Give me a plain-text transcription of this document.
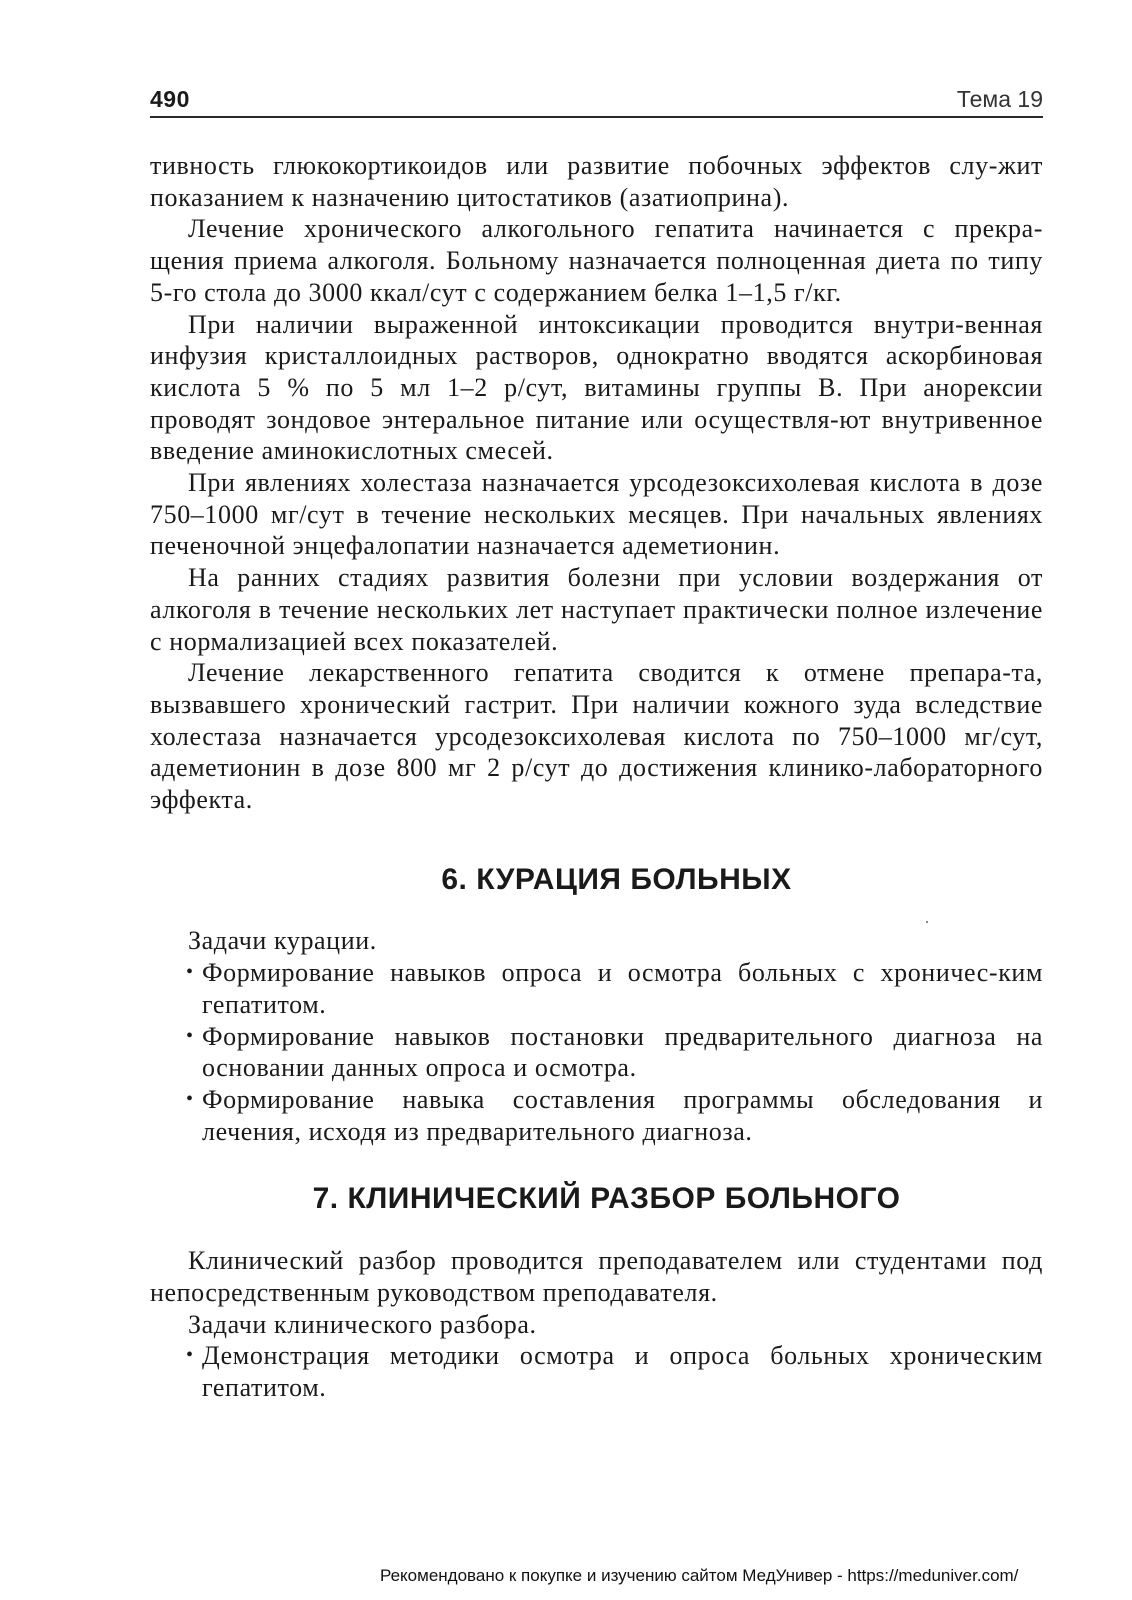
490	Тема 19

тивность глюкокортикоидов или развитие побочных эффектов слу-жит показанием к назначению цитостатиков (азатиоприна).

Лечение хронического алкогольного гепатита начинается с прекра-щения приема алкоголя. Больному назначается полноценная диета по типу 5-го стола до 3000 ккал/сут с содержанием белка 1–1,5 г/кг.

При наличии выраженной интоксикации проводится внутри-венная инфузия кристаллоидных растворов, однократно вводятся аскорбиновая кислота 5 % по 5 мл 1–2 р/сут, витамины группы В. При анорексии проводят зондовое энтеральное питание или осуществля-ют внутривенное введение аминокислотных смесей.

При явлениях холестаза назначается урсодезоксихолевая кислота в дозе 750–1000 мг/сут в течение нескольких месяцев. При начальных явлениях печеночной энцефалопатии назначается адеметионин.

На ранних стадиях развития болезни при условии воздержания от алкоголя в течение нескольких лет наступает практически полное излечение с нормализацией всех показателей.

Лечение лекарственного гепатита сводится к отмене препара-та, вызвавшего хронический гастрит. При наличии кожного зуда вследствие холестаза назначается урсодезоксихолевая кислота по 750–1000 мг/сут, адеметионин в дозе 800 мг 2 р/сут до достижения клинико-лабораторного эффекта.

6. КУРАЦИЯ БОЛЬНЫХ

Задачи курации.

• Формирование навыков опроса и осмотра больных с хроничес-ким гепатитом.
• Формирование навыков постановки предварительного диагноза на основании данных опроса и осмотра.
• Формирование навыка составления программы обследования и лечения, исходя из предварительного диагноза.
7. КЛИНИЧЕСКИЙ РАЗБОР БОЛЬНОГО

Клинический разбор проводится преподавателем или студентами под непосредственным руководством преподавателя.

Задачи клинического разбора.

• Демонстрация методики осмотра и опроса больных хроническим гепатитом.
Рекомендовано к покупке и изучению сайтом МедУнивер - https://meduniver.com/
